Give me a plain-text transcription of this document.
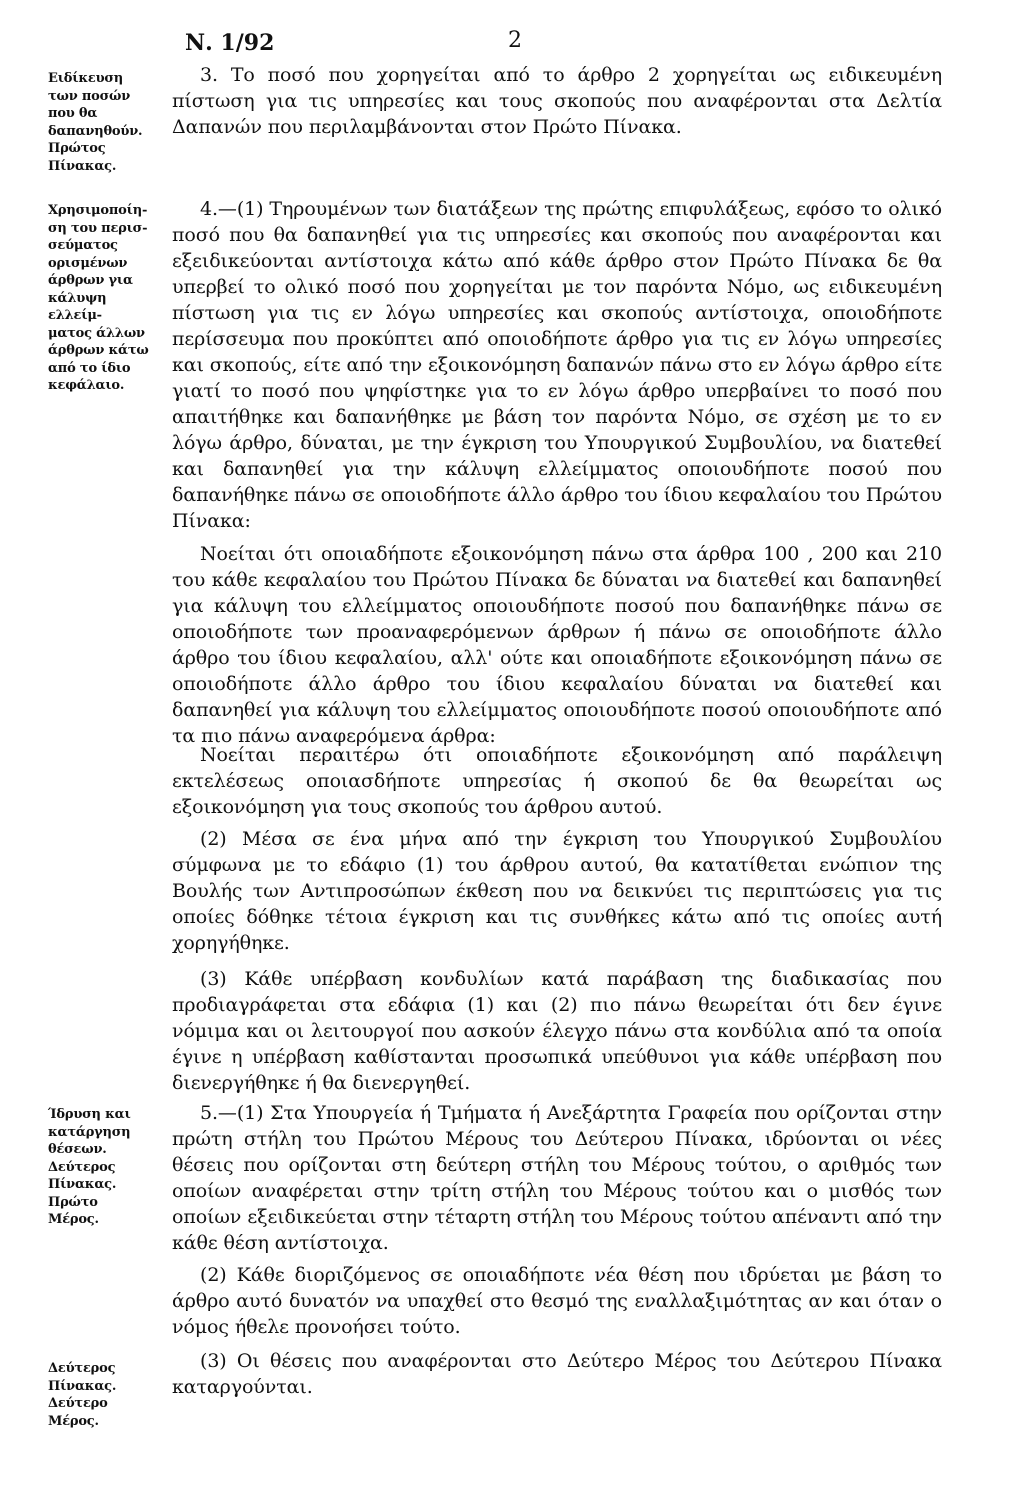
Ν. 1/92	2
Ειδίκευση
των ποσών
που θα
δαπανηθούν.
Πρώτος
Πίνακας.
Χρησιμοποίη-
ση του περισ-
σεύματος
ορισμένων
άρθρων για
κάλυψη ελλείμ-
ματος άλλων
άρθρων κάτω
από το ίδιο
κεφάλαιο.
Ίδρυση και
κατάργηση
θέσεων.
Δεύτερος
Πίνακας.
Πρώτο
Μέρος.
Δεύτερος
Πίνακας.
Δεύτερο
Μέρος.

3. Το ποσό που χορηγείται από το άρθρο 2 χορηγείται ως ειδικευμένη πίστωση για τις υπηρεσίες και τους σκοπούς που αναφέρονται στα Δελτία Δαπανών που περιλαμβάνονται στον Πρώτο Πίνακα.

4.—(1) Τηρουμένων των διατάξεων της πρώτης επιφυλάξεως, εφόσο το ολικό ποσό που θα δαπανηθεί για τις υπηρεσίες και σκοπούς που αναφέρονται και εξειδικεύονται αντίστοιχα κάτω από κάθε άρθρο στον Πρώτο Πίνακα δε θα υπερβεί το ολικό ποσό που χορηγείται με τον παρόντα Νόμο, ως ειδικευμένη πίστωση για τις εν λόγω υπηρεσίες και σκοπούς αντίστοιχα, οποιοδήποτε περίσσευμα που προκύπτει από οποιοδήποτε άρθρο για τις εν λόγω υπηρεσίες και σκοπούς, είτε από την εξοικονόμηση δαπανών πάνω στο εν λόγω άρθρο είτε γιατί το ποσό που ψηφίστηκε για το εν λόγω άρθρο υπερβαίνει το ποσό που απαιτήθηκε και δαπανήθηκε με βάση τον παρόντα Νόμο, σε σχέση με το εν λόγω άρθρο, δύναται, με την έγκριση του Υπουργικού Συμβουλίου, να διατεθεί και δαπανηθεί για την κάλυψη ελλείμματος οποιουδήποτε ποσού που δαπανήθηκε πάνω σε οποιοδήποτε άλλο άρθρο του ίδιου κεφαλαίου του Πρώτου Πίνακα:

Νοείται ότι οποιαδήποτε εξοικονόμηση πάνω στα άρθρα 100 , 200 και 210 του κάθε κεφαλαίου του Πρώτου Πίνακα δε δύναται να διατεθεί και δαπανηθεί για κάλυψη του ελλείμματος οποιουδήποτε ποσού που δαπανήθηκε πάνω σε οποιοδήποτε των προαναφερόμενων άρθρων ή πάνω σε οποιοδήποτε άλλο άρθρο του ίδιου κεφαλαίου, αλλ' ούτε και οποιαδήποτε εξοικονόμηση πάνω σε οποιοδήποτε άλλο άρθρο του ίδιου κεφαλαίου δύναται να διατεθεί και δαπανηθεί για κάλυψη του ελλείμματος οποιουδήποτε ποσού οποιουδήποτε από τα πιο πάνω αναφερόμενα άρθρα:

Νοείται περαιτέρω ότι οποιαδήποτε εξοικονόμηση από παράλειψη εκτελέσεως οποιασδήποτε υπηρεσίας ή σκοπού δε θα θεωρείται ως εξοικονόμηση για τους σκοπούς του άρθρου αυτού.

(2) Μέσα σε ένα μήνα από την έγκριση του Υπουργικού Συμβουλίου σύμφωνα με το εδάφιο (1) του άρθρου αυτού, θα κατατίθεται ενώπιον της Βουλής των Αντιπροσώπων έκθεση που να δεικνύει τις περιπτώσεις για τις οποίες δόθηκε τέτοια έγκριση και τις συνθήκες κάτω από τις οποίες αυτή χορηγήθηκε.

(3) Κάθε υπέρβαση κονδυλίων κατά παράβαση της διαδικασίας που προδιαγράφεται στα εδάφια (1) και (2) πιο πάνω θεωρείται ότι δεν έγινε νόμιμα και οι λειτουργοί που ασκούν έλεγχο πάνω στα κονδύλια από τα οποία έγινε η υπέρβαση καθίστανται προσωπικά υπεύθυνοι για κάθε υπέρβαση που διενεργήθηκε ή θα διενεργηθεί.

5.—(1) Στα Υπουργεία ή Τμήματα ή Ανεξάρτητα Γραφεία που ορίζονται στην πρώτη στήλη του Πρώτου Μέρους του Δεύτερου Πίνακα, ιδρύονται οι νέες θέσεις που ορίζονται στη δεύτερη στήλη του Μέρους τούτου, ο αριθμός των οποίων αναφέρεται στην τρίτη στήλη του Μέρους τούτου και ο μισθός των οποίων εξειδικεύεται στην τέταρτη στήλη του Μέρους τούτου απέναντι από την κάθε θέση αντίστοιχα.

(2) Κάθε διοριζόμενος σε οποιαδήποτε νέα θέση που ιδρύεται με βάση το άρθρο αυτό δυνατόν να υπαχθεί στο θεσμό της εναλλαξιμότητας αν και όταν ο νόμος ήθελε προνοήσει τούτο.

(3) Οι θέσεις που αναφέρονται στο Δεύτερο Μέρος του Δεύτερου Πίνακα καταργούνται.
